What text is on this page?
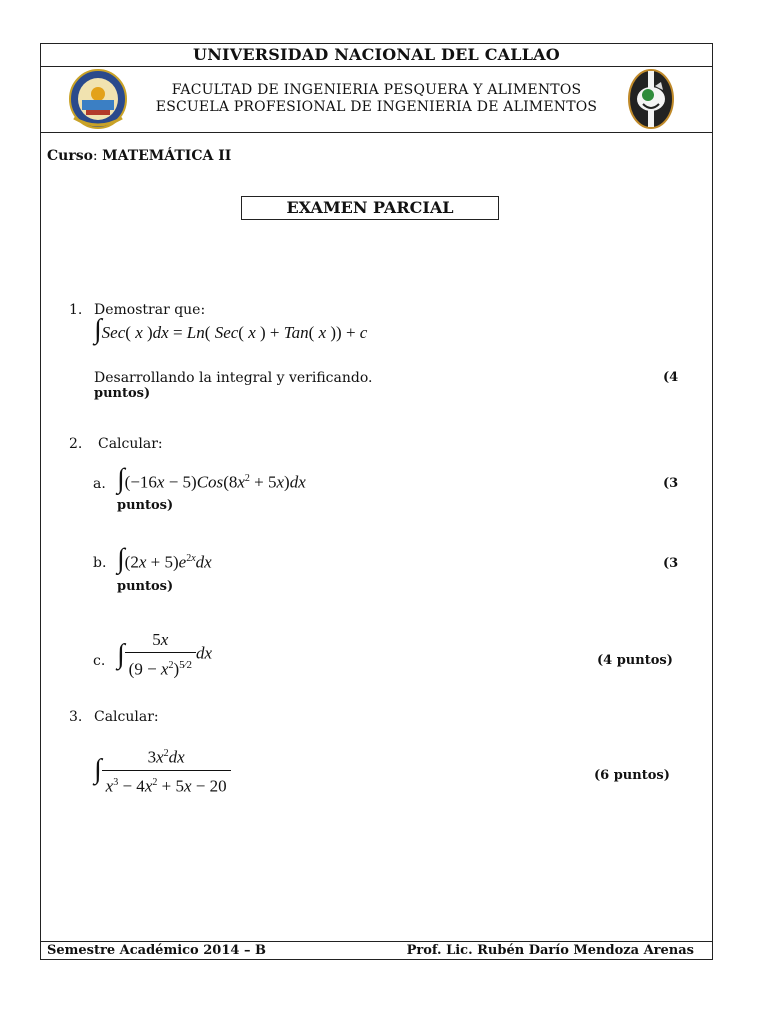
UNIVERSIDAD NACIONAL DEL CALLAO
FACULTAD DE INGENIERIA PESQUERA Y ALIMENTOS
ESCUELA PROFESIONAL DE INGENIERIA DE ALIMENTOS
Curso: MATEMÁTICA II
EXAMEN PARCIAL
1. Demostrar que:
∫Sec( x )dx = Ln( Sec( x ) + Tan( x )) + c
Desarrollando la integral y verificando.	(4
puntos)
2. Calcular:
a. $\int(-16x - 5)Cos(8x^2 + 5x)dx$	(3
puntos)
b. $\int(2x + 5)e^{2x}dx$	(3
puntos)
c. ∫ $\frac{5x}{(9 - x^2)^{5⁄2}}$ dx	(4 puntos)
3. Calcular:
∫ $\frac{3x^2dx}{x^3 - 4x^2 + 5x - 20}$	(6 puntos)
Semestre Académico 2014 – B	Prof. Lic. Rubén Darío Mendoza Arenas
